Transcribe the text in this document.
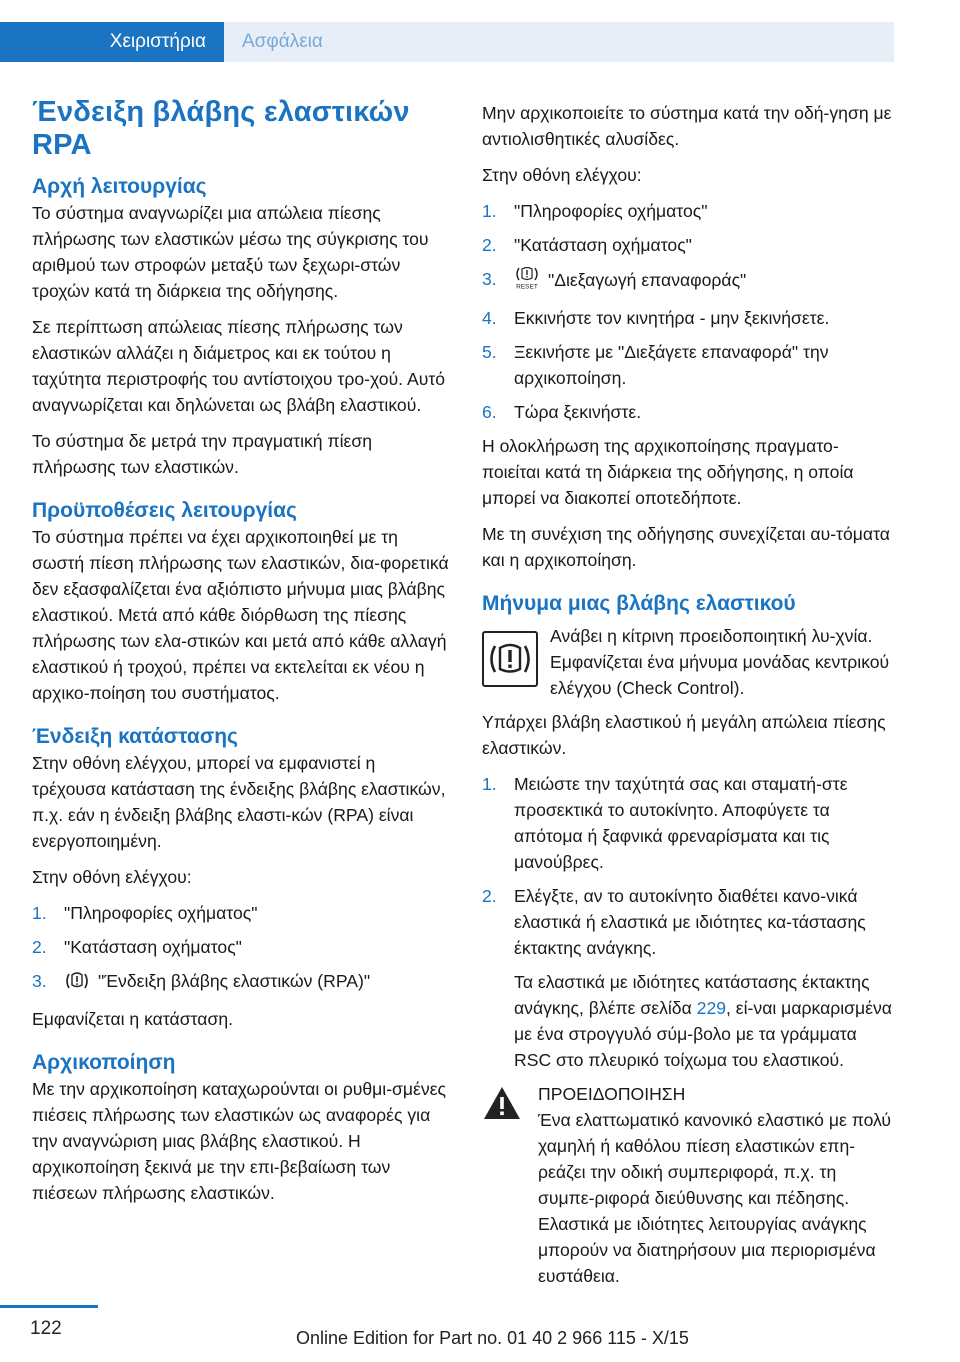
Χειριστήρια Ασφάλεια
Ένδειξη βλάβης ελαστικών RPA
Αρχή λειτουργίας

Το σύστημα αναγνωρίζει μια απώλεια πίεσης πλήρωσης των ελαστικών μέσω της σύγκρισης του αριθμού των στροφών μεταξύ των ξεχωρι-στών τροχών κατά τη διάρκεια της οδήγησης.

Σε περίπτωση απώλειας πίεσης πλήρωσης των ελαστικών αλλάζει η διάμετρος και εκ τούτου η ταχύτητα περιστροφής του αντίστοιχου τρο-χού. Αυτό αναγνωρίζεται και δηλώνεται ως βλάβη ελαστικού.

Το σύστημα δε μετρά την πραγματική πίεση πλήρωσης των ελαστικών.

Προϋποθέσεις λειτουργίας

Το σύστημα πρέπει να έχει αρχικοποιηθεί με τη σωστή πίεση πλήρωσης των ελαστικών, δια-φορετικά δεν εξασφαλίζεται ένα αξιόπιστο μήνυμα μιας βλάβης ελαστικού. Μετά από κάθε διόρθωση της πίεσης πλήρωσης των ελα-στικών και μετά από κάθε αλλαγή ελαστικού ή τροχού, πρέπει να εκτελείται εκ νέου η αρχικο-ποίηση του συστήματος.

Ένδειξη κατάστασης

Στην οθόνη ελέγχου, μπορεί να εμφανιστεί η τρέχουσα κατάσταση της ένδειξης βλάβης ελαστικών, π.χ. εάν η ένδειξη βλάβης ελαστι-κών (RPA) είναι ενεργοποιημένη.

Στην οθόνη ελέγχου:

1. "Πληροφορίες οχήματος"
2. "Κατάσταση οχήματος"
3.	"Ένδειξη βλάβης ελαστικών (RPA)"

Εμφανίζεται η κατάσταση.

Αρχικοποίηση

Με την αρχικοποίηση καταχωρούνται οι ρυθμι-σμένες πιέσεις πλήρωσης των ελαστικών ως αναφορές για την αναγνώριση μιας βλάβης ελαστικού. Η αρχικοποίηση ξεκινά με την επι-βεβαίωση των πιέσεων πλήρωσης ελαστικών.

Μην αρχικοποιείτε το σύστημα κατά την οδή-γηση με αντιολισθητικές αλυσίδες.

Στην οθόνη ελέγχου:

1. "Πληροφορίες οχήματος"
2. "Κατάσταση οχήματος"
3.	RESET "Διεξαγωγή επαναφοράς"
4. Εκκινήστε τον κινητήρα - μην ξεκινήσετε.
5. Ξεκινήστε με "Διεξάγετε επαναφορά" την αρχικοποίηση.
6. Τώρα ξεκινήστε.

Η ολοκλήρωση της αρχικοποίησης πραγματο-ποιείται κατά τη διάρκεια της οδήγησης, η οποία μπορεί να διακοπεί οποτεδήποτε.

Με τη συνέχιση της οδήγησης συνεχίζεται αυ-τόματα και η αρχικοποίηση.

Μήνυμα μιας βλάβης ελαστικού
Ανάβει η κίτρινη προειδοποιητική λυ-χνία. Εμφανίζεται ένα μήνυμα μονάδας κεντρικού ελέγχου (Check Control).

Υπάρχει βλάβη ελαστικού ή μεγάλη απώλεια πίεσης ελαστικών.

1. Μειώστε την ταχύτητά σας και σταματή-στε προσεκτικά το αυτοκίνητο. Αποφύγετε τα απότομα ή ξαφνικά φρεναρίσματα και τις μανούβρες.
2. Ελέγξτε, αν το αυτοκίνητο διαθέτει κανο-νικά ελαστικά ή ελαστικά με ιδιότητες κα-τάστασης έκτακτης ανάγκης.
Τα ελαστικά με ιδιότητες κατάστασης έκτακτης ανάγκης, βλέπε σελίδα 229, εί-ναι μαρκαρισμένα με ένα στρογγυλό σύμ-βολο με τα γράμματα RSC στο πλευρικό τοίχωμα του ελαστικού.
ΠΡΟΕΙΔΟΠΟΙΗΣΗ
Ένα ελαττωματικό κανονικό ελαστικό με πολύ χαμηλή ή καθόλου πίεση ελαστικών επη-ρεάζει την οδική συμπεριφορά, π.χ. τη συμπε-ριφορά διεύθυνσης και πέδησης. Ελαστικά με ιδιότητες λειτουργίας ανάγκης μπορούν να διατηρήσουν μια περιορισμένα ευστάθεια.
122	Online Edition for Part no. 01 40 2 966 115 - X/15
